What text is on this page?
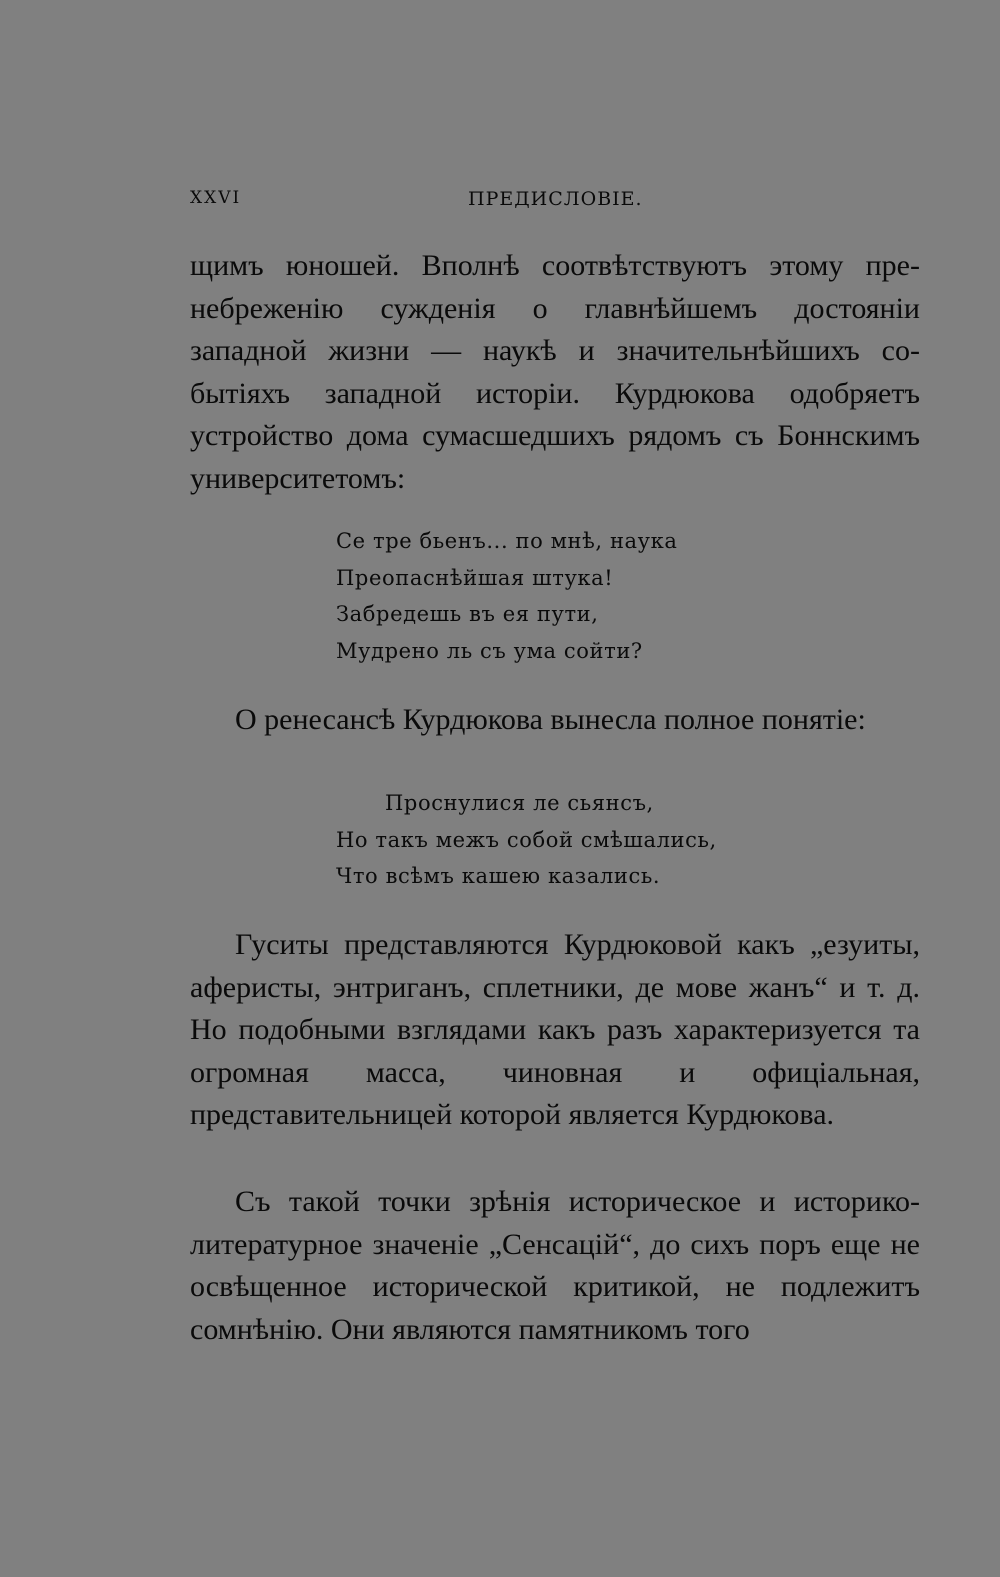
XXVI	ПРЕДИСЛОВІЕ.

щимъ юношей. Вполнѣ соотвѣтствуютъ этому пренебреженію сужденія о главнѣйшемъ достояніи западной жизни — наукѣ и значительнѣйшихъ событіяхъ западной исторіи. Курдюкова одобряетъ устройство дома сумасшедшихъ рядомъ съ Боннскимъ университетомъ:

Се тре бьенъ... по мнѣ, наука
Преопаснѣйшая штука!
Забредешь въ ея пути,
Мудрено ль съ ума сойти?

О ренесансѣ Курдюкова вынесла полное понятіе:

Проснулися ле сьянсъ,
Но такъ межъ собой смѣшались,
Что всѣмъ кашею казались.

Гуситы представляются Курдюковой какъ „езуиты, аферисты, энтриганъ, сплетники, де мове жанъ“ и т. д. Но подобными взглядами какъ разъ характеризуется та огромная масса, чиновная и офиціальная, представительницей которой является Курдюкова.

Съ такой точки зрѣнія историческое и историко-литературное значеніе „Сенсацій“, до сихъ поръ еще не освѣщенное исторической критикой, не подлежитъ сомнѣнію. Они являются памятникомъ того
